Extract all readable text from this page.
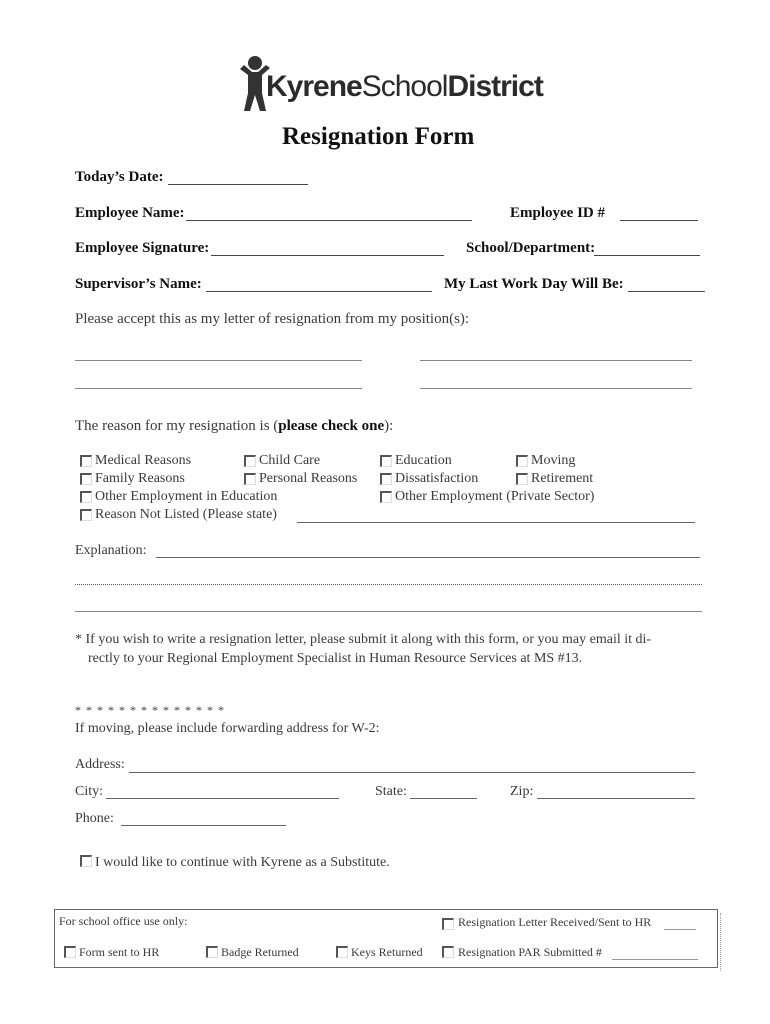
KyreneSchoolDistrict
Resignation Form
Today’s Date:
Employee Name:	Employee ID #
Employee Signature:	School/Department:
Supervisor’s Name:	My Last Work Day Will Be:
Please accept this as my letter of resignation from my position(s):
The reason for my resignation is (please check one):
Medical Reasons	Child Care	Education	Moving
Family Reasons	Personal Reasons	Dissatisfaction	Retirement
Other Employment in Education	Other Employment (Private Sector)
Reason Not Listed (Please state)
Explanation:
* If you wish to write a resignation letter, please submit it along with this form, or you may email it di-
rectly to your Regional Employment Specialist in Human Resource Services at MS #13.
* * * * * * * * * * * * * *
If moving, please include forwarding address for W-2:
Address:
City:	State:	Zip:
Phone:
I would like to continue with Kyrene as a Substitute.
For school office use only:	Resignation Letter Received/Sent to HR
Form sent to HR	Badge Returned	Keys Returned	Resignation PAR Submitted #
